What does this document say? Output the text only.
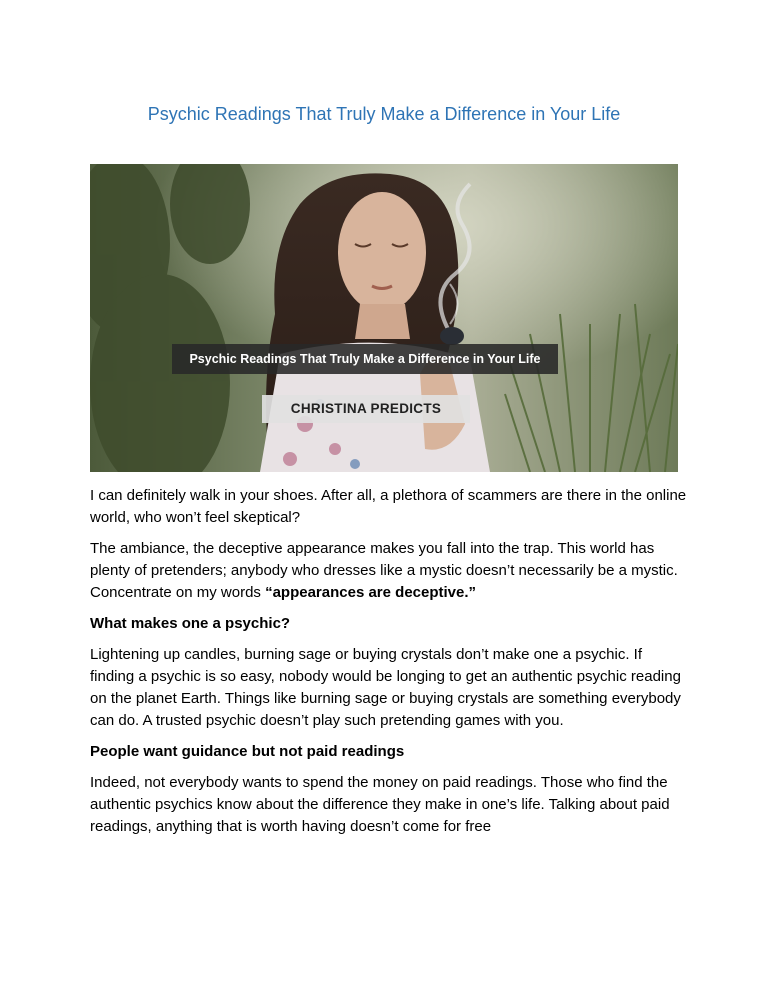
Psychic Readings That Truly Make a Difference in Your Life
Psychic Readings That Truly Make a Difference in Your Life
CHRISTINA PREDICTS

I can definitely walk in your shoes. After all, a plethora of scammers are there in the online world, who won’t feel skeptical?

The ambiance, the deceptive appearance makes you fall into the trap. This world has plenty of pretenders; anybody who dresses like a mystic doesn’t necessarily be a mystic. Concentrate on my words “appearances are deceptive.”

What makes one a psychic?

Lightening up candles, burning sage or buying crystals don’t make one a psychic. If finding a psychic is so easy, nobody would be longing to get an authentic psychic reading on the planet Earth. Things like burning sage or buying crystals are something everybody can do. A trusted psychic doesn’t play such pretending games with you.

People want guidance but not paid readings

Indeed, not everybody wants to spend the money on paid readings. Those who find the authentic psychics know about the difference they make in one’s life. Talking about paid readings, anything that is worth having doesn’t come for free
